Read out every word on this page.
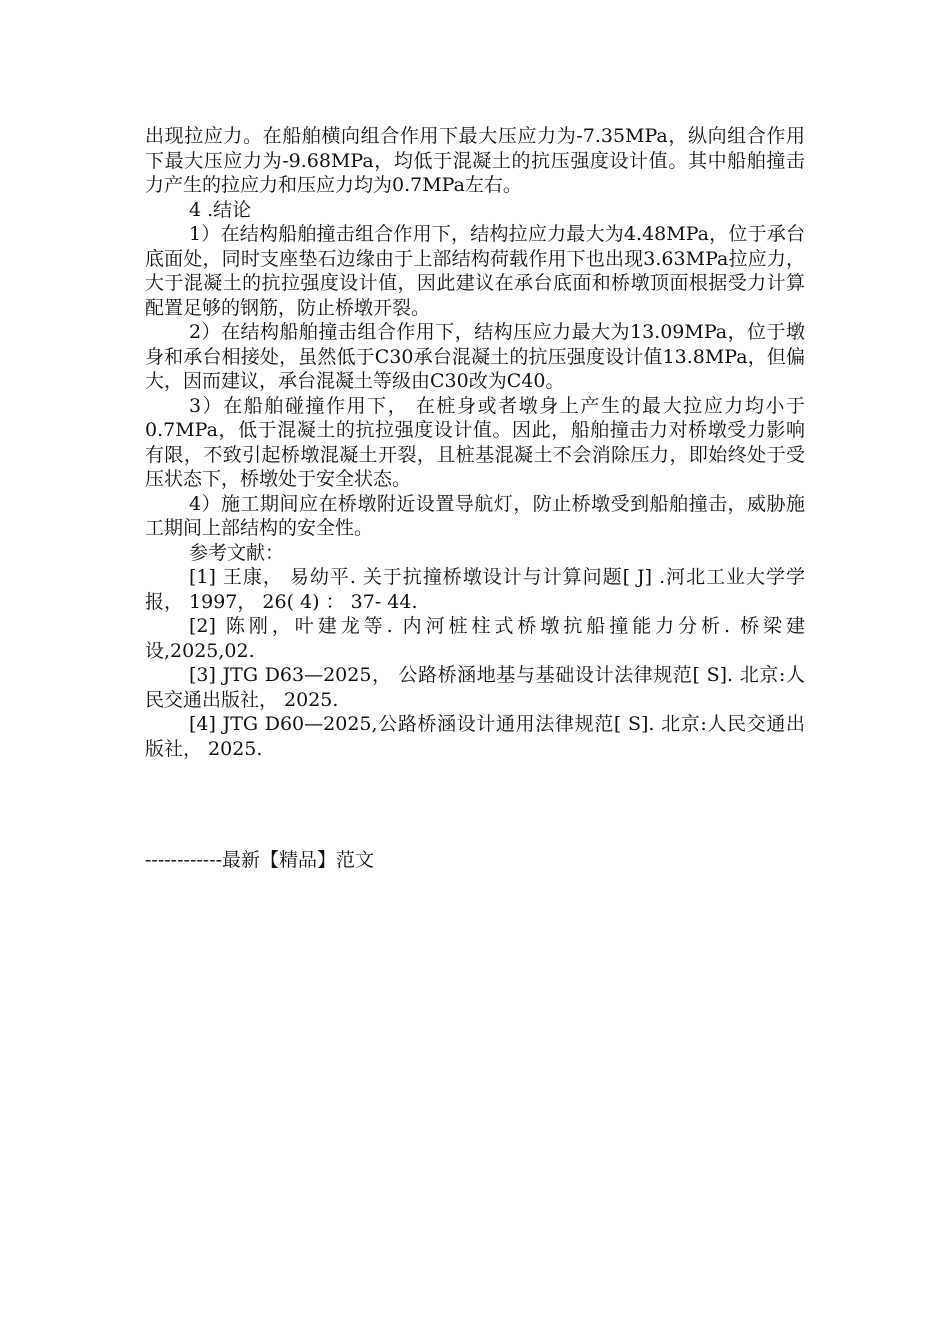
出现拉应力。在船舶横向组合作用下最大压应力为-7.35MPa，纵向组合作用下最大压应力为-9.68MPa，均低于混凝土的抗压强度设计值。其中船舶撞击力产生的拉应力和压应力均为0.7MPa左右。

4 .结论

1）在结构船舶撞击组合作用下，结构拉应力最大为4.48MPa，位于承台底面处，同时支座垫石边缘由于上部结构荷载作用下也出现3.63MPa拉应力，大于混凝土的抗拉强度设计值，因此建议在承台底面和桥墩顶面根据受力计算配置足够的钢筋，防止桥墩开裂。

2）在结构船舶撞击组合作用下，结构压应力最大为13.09MPa，位于墩身和承台相接处，虽然低于C30承台混凝土的抗压强度设计值13.8MPa，但偏大，因而建议，承台混凝土等级由C30改为C40。

3）在船舶碰撞作用下， 在桩身或者墩身上产生的最大拉应力均小于0.7MPa，低于混凝土的抗拉强度设计值。因此，船舶撞击力对桥墩受力影响有限，不致引起桥墩混凝土开裂，且桩基混凝土不会消除压力，即始终处于受压状态下，桥墩处于安全状态。

4）施工期间应在桥墩附近设置导航灯，防止桥墩受到船舶撞击，威胁施工期间上部结构的安全性。

参考文献：

[1] 王康， 易幼平. 关于抗撞桥墩设计与计算问题[ J] .河北工业大学学报， 1997， 26( 4) ： 37- 44.

[2] 陈刚，叶建龙等. 内河桩柱式桥墩抗船撞能力分析. 桥梁建设,2025,02.

[3] JTG D63—2025， 公路桥涵地基与基础设计法律规范[ S]. 北京:人民交通出版社， 2025.

[4] JTG D60—2025,公路桥涵设计通用法律规范[ S]. 北京:人民交通出版社， 2025.

------------最新【精品】范文
